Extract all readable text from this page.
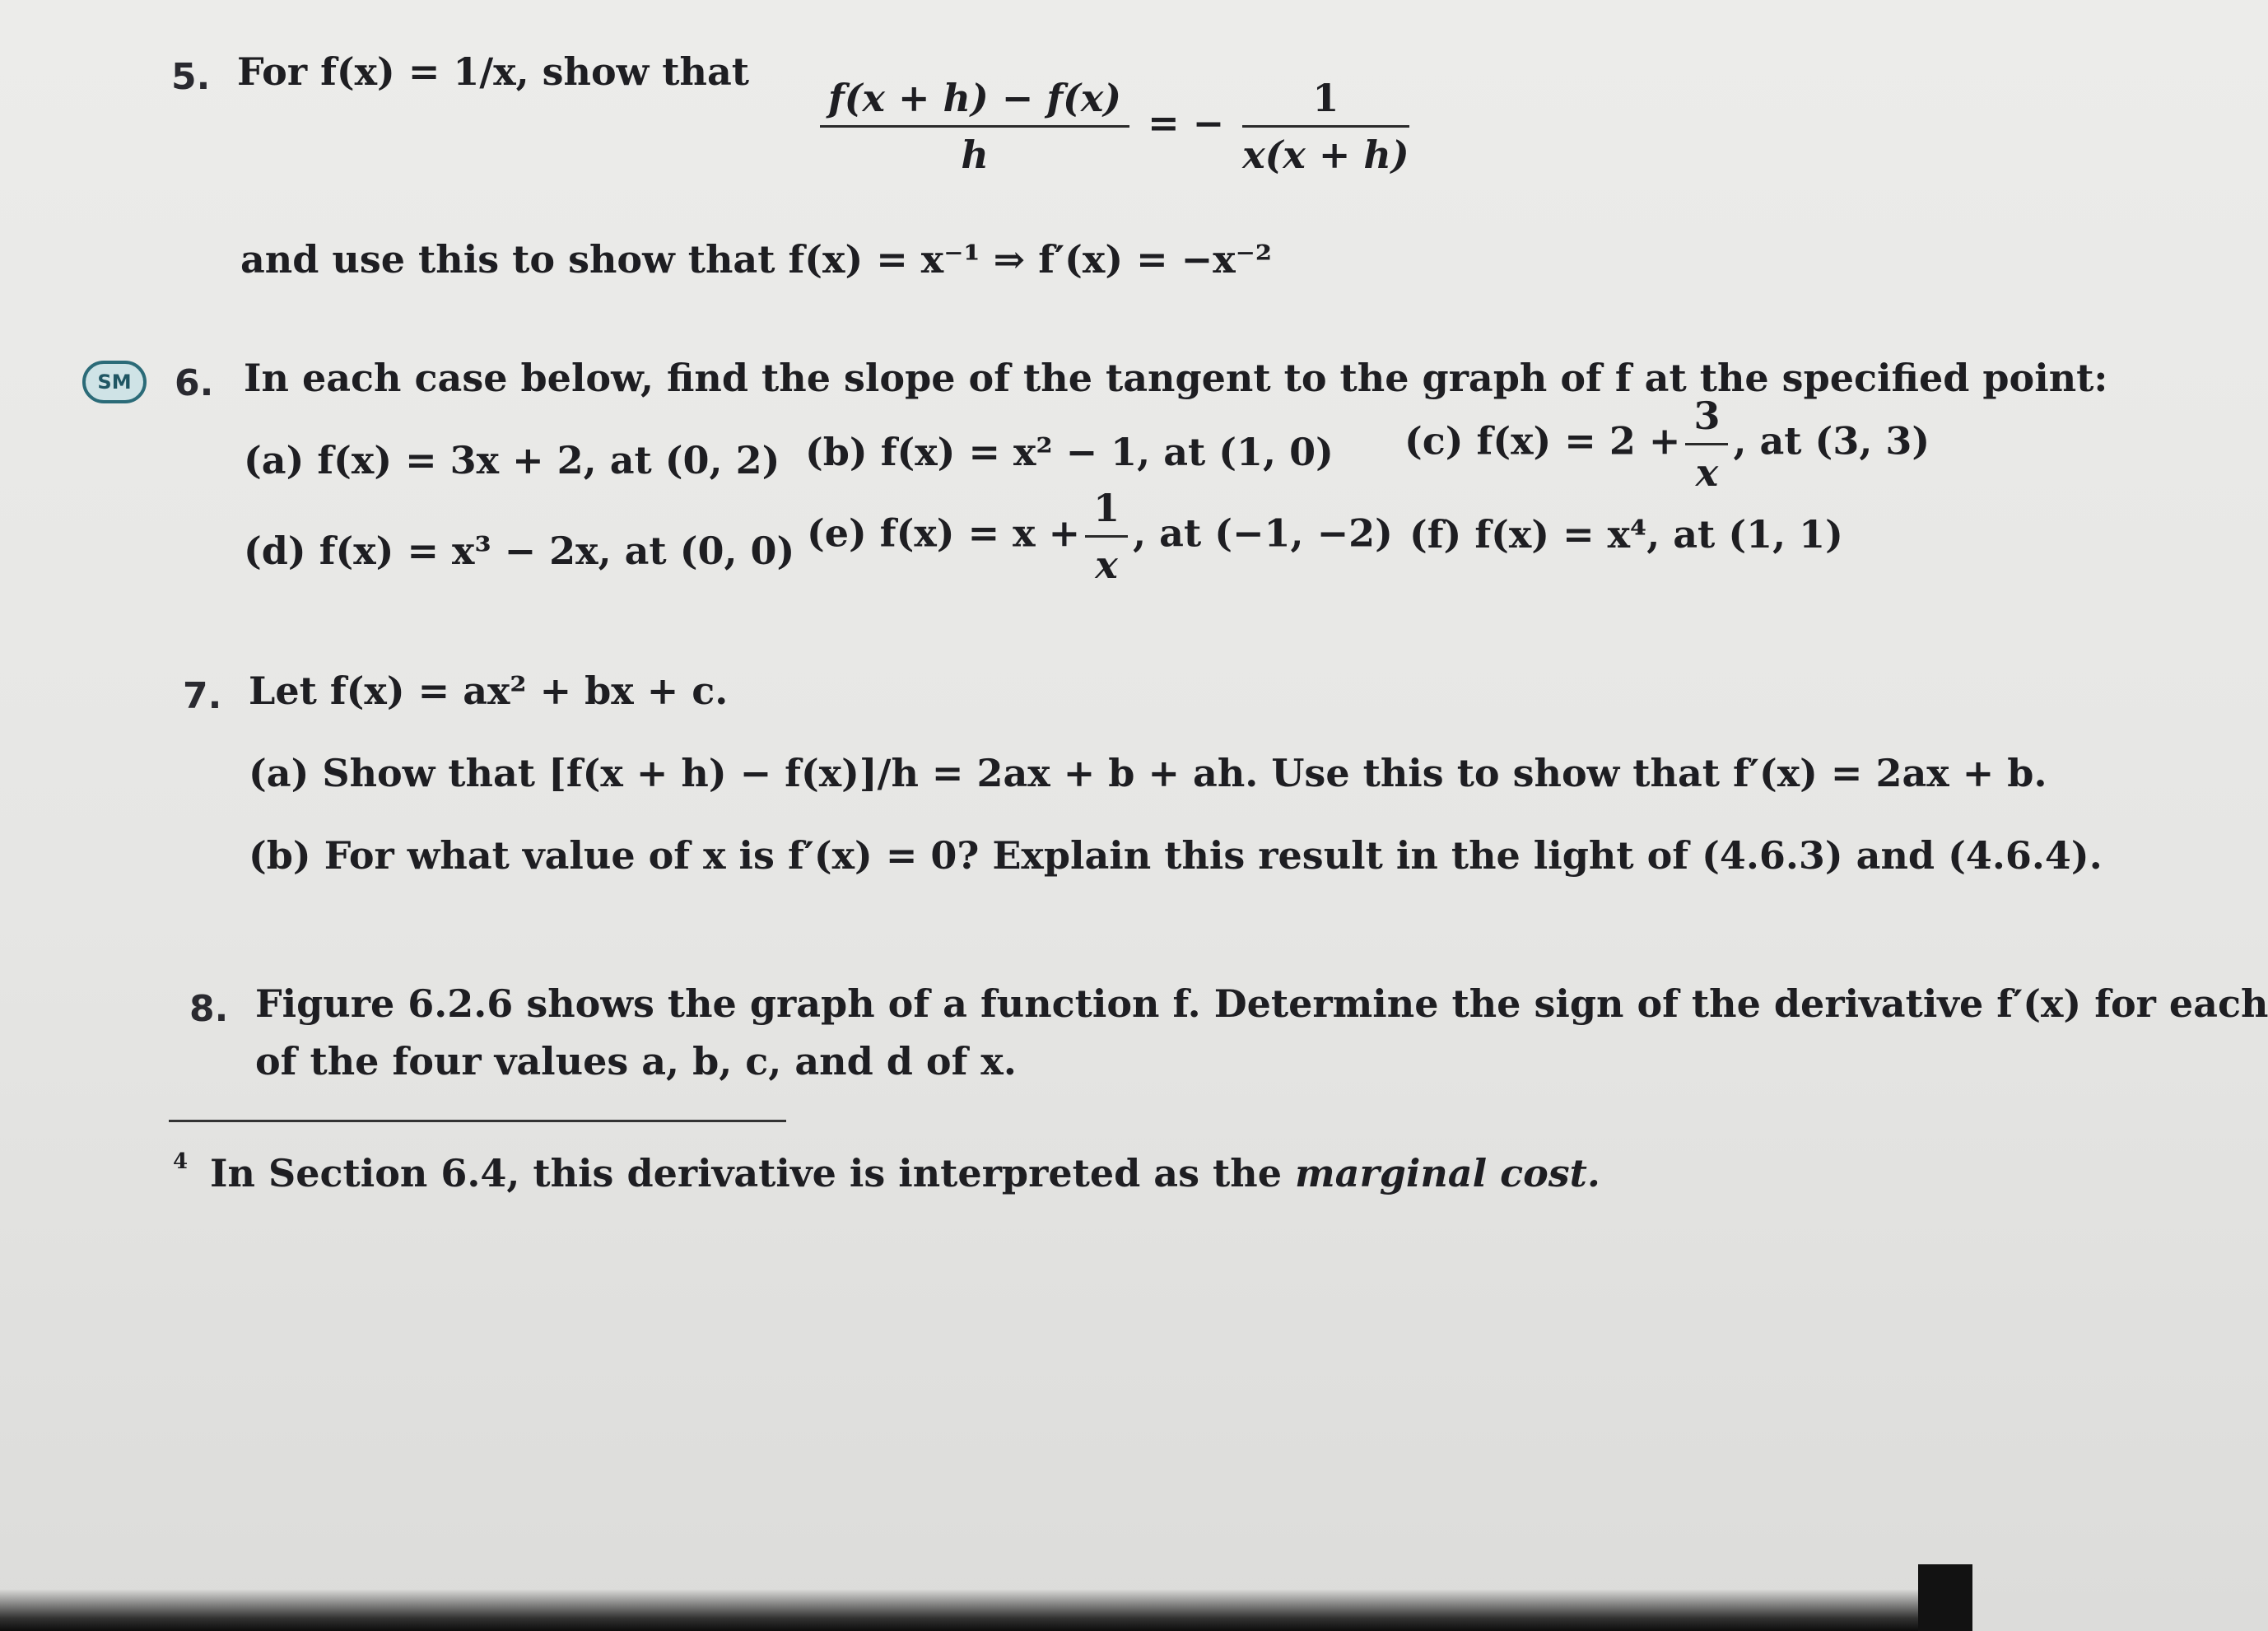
5. For f(x) = 1/x, show that
$\frac{f(x + h) - f(x)}{h}$ = − $\frac{1}{x(x + h)}$
and use this to show that f(x) = x⁻¹ ⇒ f′(x) = −x⁻²
SM	6. In each case below, find the slope of the tangent to the graph of f at the specified point:
(a) f(x) = 3x + 2, at (0, 2) (b) f(x) = x² − 1, at (1, 0) (c) $f(x) = 2 + \frac{3}{x}$ , at (3, 3)
(d) f(x) = x³ − 2x, at (0, 0) (e) $f(x) = x + \frac{1}{x}$ , at (−1, −2) (f) f(x) = x⁴, at (1, 1)
7. Let f(x) = ax² + bx + c.
(a) Show that [f(x + h) − f(x)]/h = 2ax + b + ah. Use this to show that f′(x) = 2ax + b.
(b) For what value of x is f′(x) = 0? Explain this result in the light of (4.6.3) and (4.6.4).
8. Figure 6.2.6 shows the graph of a function f. Determine the sign of the derivative f′(x) for each
of the four values a, b, c, and d of x.
4 In Section 6.4, this derivative is interpreted as the marginal cost.
